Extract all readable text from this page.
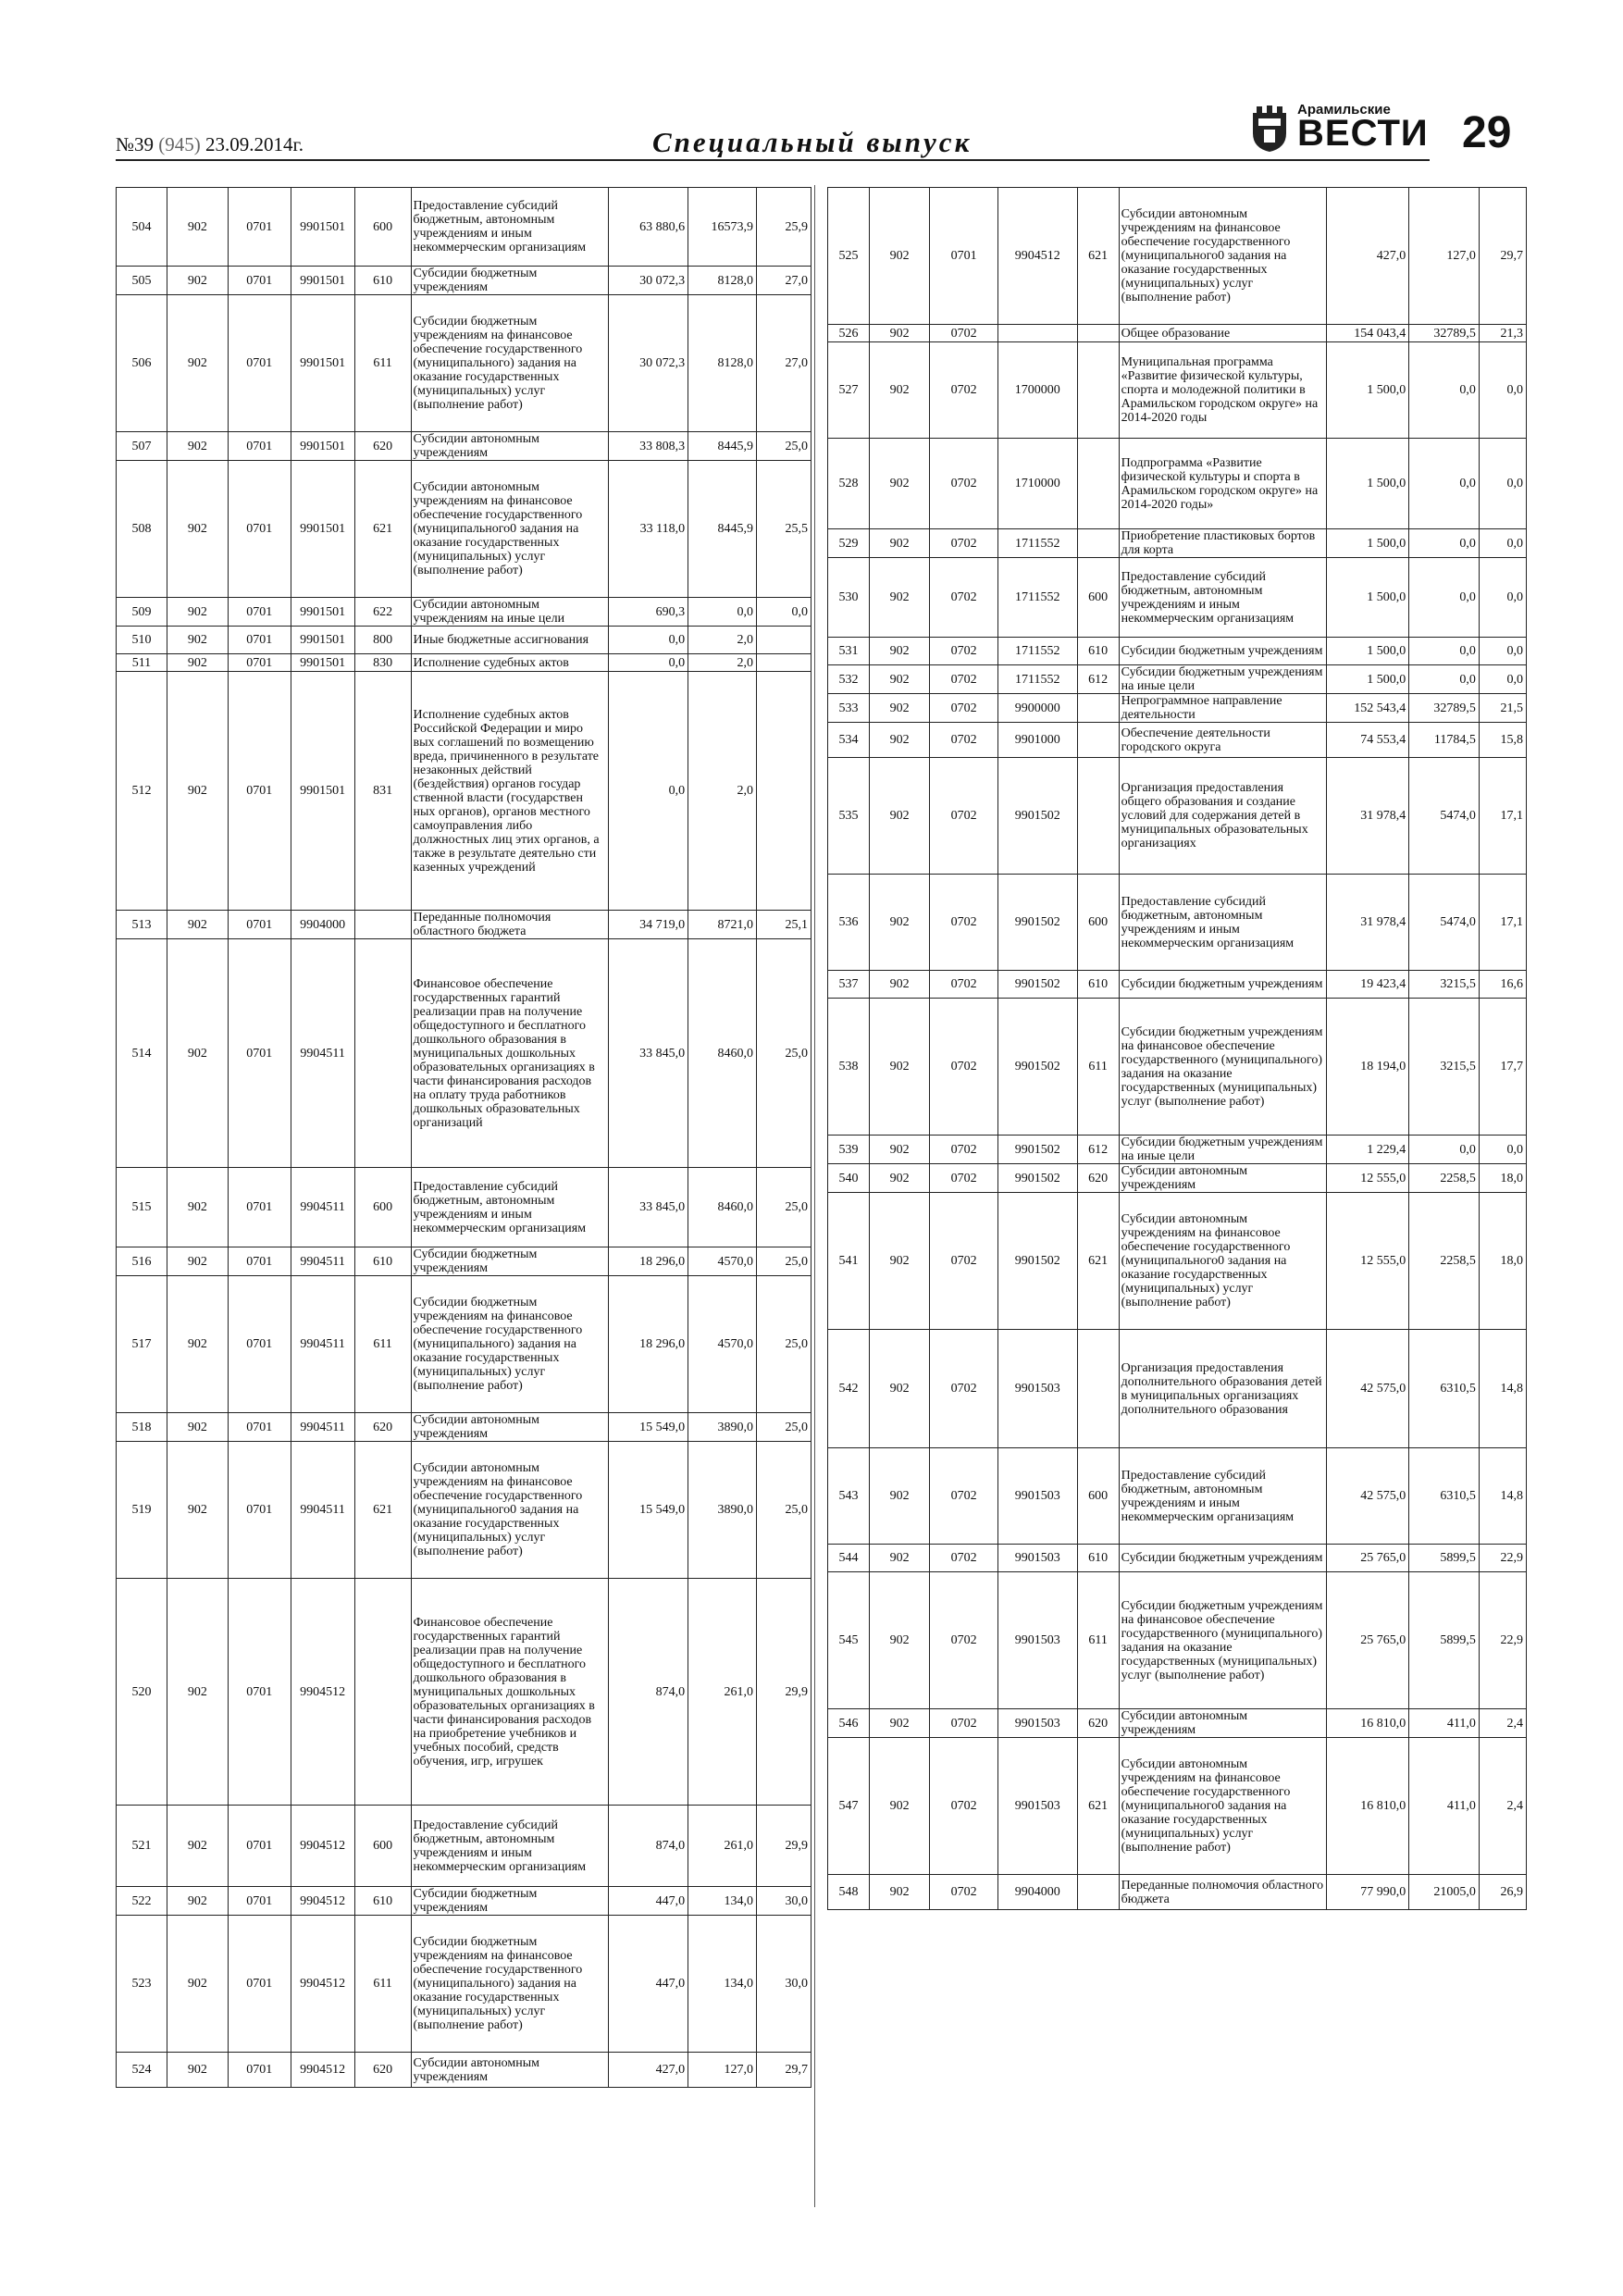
№39 (945) 23.09.2014г.	Специальный выпуск
Арамильские
ВЕСТИ 29
504	902	0701	9901501	600	Предоставление субсидий бюджетным, автономным учреждениям и иным некоммерческим организациям	63 880,6	16573,9	25,9
505	902	0701	9901501	610	Субсидии бюджетным учреждениям	30 072,3	8128,0	27,0
506	902	0701	9901501	611	Субсидии бюджетным учреждениям на финансовое обеспечение государственного (муниципального) задания на оказание государственных (муниципальных) услуг (выполнение работ)	30 072,3	8128,0	27,0
507	902	0701	9901501	620	Субсидии автономным учреждениям	33 808,3	8445,9	25,0
508	902	0701	9901501	621	Субсидии автономным учреждениям на финансовое обеспечение государственного (муниципального0 задания на оказание государственных (муниципальных) услуг (выполнение работ)	33 118,0	8445,9	25,5
509	902	0701	9901501	622	Субсидии автономным учреждениям на иные цели	690,3	0,0	0,0
510	902	0701	9901501	800	Иные бюджетные ассигнования	0,0	2,0	
511	902	0701	9901501	830	Исполнение судебных актов	0,0	2,0	
512	902	0701	9901501	831	Исполнение судебных актов Российской Федерации и миро вых соглашений по возмещению вреда, причиненного в результате незаконных действий (бездействия) органов государ ственной власти (государствен ных органов), органов местного самоуправления либо должностных лиц этих органов, а также в результате деятельно сти казенных учреждений	0,0	2,0	
513	902	0701	9904000		Переданные полномочия областного бюджета	34 719,0	8721,0	25,1
514	902	0701	9904511		Финансовое обеспечение государственных гарантий реализации прав на получение общедоступного и бесплатного дошкольного образования в муниципальных дошкольных образовательных организациях в части финансирования расходов на оплату труда работников дошкольных образовательных организаций	33 845,0	8460,0	25,0
515	902	0701	9904511	600	Предоставление субсидий бюджетным, автономным учреждениям и иным некоммерческим организациям	33 845,0	8460,0	25,0
516	902	0701	9904511	610	Субсидии бюджетным учреждениям	18 296,0	4570,0	25,0
517	902	0701	9904511	611	Субсидии бюджетным учреждениям на финансовое обеспечение государственного (муниципального) задания на оказание государственных (муниципальных) услуг (выполнение работ)	18 296,0	4570,0	25,0
518	902	0701	9904511	620	Субсидии автономным учреждениям	15 549,0	3890,0	25,0
519	902	0701	9904511	621	Субсидии автономным учреждениям на финансовое обеспечение государственного (муниципального0 задания на оказание государственных (муниципальных) услуг (выполнение работ)	15 549,0	3890,0	25,0
520	902	0701	9904512		Финансовое обеспечение государственных гарантий реализации прав на получение общедоступного и бесплатного дошкольного образования в муниципальных дошкольных образовательных организациях в части финансирования расходов на приобретение учебников и учебных пособий, средств обучения, игр, игрушек	874,0	261,0	29,9
521	902	0701	9904512	600	Предоставление субсидий бюджетным, автономным учреждениям и иным некоммерческим организациям	874,0	261,0	29,9
522	902	0701	9904512	610	Субсидии бюджетным учреждениям	447,0	134,0	30,0
523	902	0701	9904512	611	Субсидии бюджетным учреждениям на финансовое обеспечение государственного (муниципального) задания на оказание государственных (муниципальных) услуг (выполнение работ)	447,0	134,0	30,0
524	902	0701	9904512	620	Субсидии автономным учреждениям	427,0	127,0	29,7
525	902	0701	9904512	621	Субсидии автономным учреждениям на финансовое обеспечение государственного (муниципального0 задания на оказание государственных (муниципальных) услуг (выполнение работ)	427,0	127,0	29,7
526	902	0702			Общее образование	154 043,4	32789,5	21,3
527	902	0702	1700000		Муниципальная программа «Развитие физической культуры, спорта и молодежной политики в Арамильском городском округе» на 2014-2020 годы	1 500,0	0,0	0,0
528	902	0702	1710000		Подпрограмма «Развитие физической культуры и спорта в Арамильском городском округе» на 2014-2020 годы»	1 500,0	0,0	0,0
529	902	0702	1711552		Приобретение пластиковых бортов для корта	1 500,0	0,0	0,0
530	902	0702	1711552	600	Предоставление субсидий бюджетным, автономным учреждениям и иным некоммерческим организациям	1 500,0	0,0	0,0
531	902	0702	1711552	610	Субсидии бюджетным учреждениям	1 500,0	0,0	0,0
532	902	0702	1711552	612	Субсидии бюджетным учреждениям на иные цели	1 500,0	0,0	0,0
533	902	0702	9900000		Непрограммное направление деятельности	152 543,4	32789,5	21,5
534	902	0702	9901000		Обеспечение деятельности городского округа	74 553,4	11784,5	15,8
535	902	0702	9901502		Организация предоставления общего образования и создание условий для содержания детей в муниципальных образовательных организациях	31 978,4	5474,0	17,1
536	902	0702	9901502	600	Предоставление субсидий бюджетным, автономным учреждениям и иным некоммерческим организациям	31 978,4	5474,0	17,1
537	902	0702	9901502	610	Субсидии бюджетным учреждениям	19 423,4	3215,5	16,6
538	902	0702	9901502	611	Субсидии бюджетным учреждениям на финансовое обеспечение государственного (муниципального) задания на оказание государственных (муниципальных) услуг (выполнение работ)	18 194,0	3215,5	17,7
539	902	0702	9901502	612	Субсидии бюджетным учреждениям на иные цели	1 229,4	0,0	0,0
540	902	0702	9901502	620	Субсидии автономным учреждениям	12 555,0	2258,5	18,0
541	902	0702	9901502	621	Субсидии автономным учреждениям на финансовое обеспечение государственного (муниципального0 задания на оказание государственных (муниципальных) услуг (выполнение работ)	12 555,0	2258,5	18,0
542	902	0702	9901503		Организация предоставления дополнительного образования детей в муниципальных организациях дополнительного образования	42 575,0	6310,5	14,8
543	902	0702	9901503	600	Предоставление субсидий бюджетным, автономным учреждениям и иным некоммерческим организациям	42 575,0	6310,5	14,8
544	902	0702	9901503	610	Субсидии бюджетным учреждениям	25 765,0	5899,5	22,9
545	902	0702	9901503	611	Субсидии бюджетным учреждениям на финансовое обеспечение государственного (муниципального) задания на оказание государственных (муниципальных) услуг (выполнение работ)	25 765,0	5899,5	22,9
546	902	0702	9901503	620	Субсидии автономным учреждениям	16 810,0	411,0	2,4
547	902	0702	9901503	621	Субсидии автономным учреждениям на финансовое обеспечение государственного (муниципального0 задания на оказание государственных (муниципальных) услуг (выполнение работ)	16 810,0	411,0	2,4
548	902	0702	9904000		Переданные полномочия областного бюджета	77 990,0	21005,0	26,9
